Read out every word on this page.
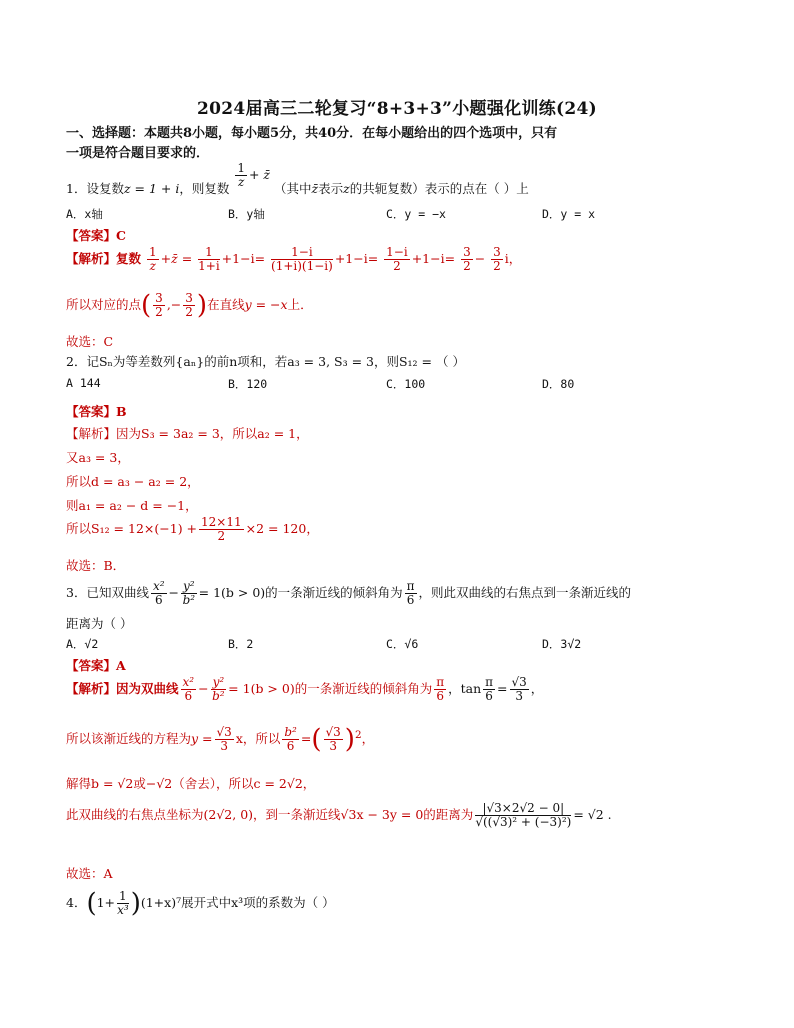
2024届高三二轮复习“8+3+3”小题强化训练(24)
一、选择题：本题共8小题，每小题5分，共40分．在每小题给出的四个选项中，只有
一项是符合题目要求的．
1．设复数z = 1 + i，则复数 $\frac{1}{z}$ + z̄ （其中z̄表示z的共轭复数）表示的点在（ ）上
A．x轴	B．y轴	C．y = −x	D．y = x
【答案】C
【解析】复数 $\frac{1}{z}$ +z̄ = $\frac{1}{1+i} +1-i= \frac{1-i}{(1+i)(1-i)} +1-i= \frac{1-i}{2} +1-i= \frac{3}{2} - \frac{3}{2}$ i，
所以对应的点( $\frac{3}{2}$ ,− $\frac{3}{2}$ )在直线y = −x上．
故选：C
2．记Sₙ为等差数列{aₙ}的前n项和，若a₃ = 3, S₃ = 3，则S₁₂ = （ ）
A 144	B．120	C．100	D．80
【答案】B
【解析】因为S₃ = 3a₂ = 3，所以a₂ = 1，
又a₃ = 3，
所以d = a₃ − a₂ = 2，
则a₁ = a₂ − d = −1，
所以$S_{12} = 12\times(-1) + \frac{12\times 11}{2} \times 2 = 120$，
故选：B．
3．已知双曲线 $\frac{\text{x²}}{6} - \frac{\text{y²}}{\text{b²}} = 1(b > 0)$的一条渐近线的倾斜角为 $\frac{\pi}{6}$ ，则此双曲线的右焦点到一条渐近线的
距离为（ ）
A．√2	B．2	C．√6	D．3√2
【答案】A
【解析】因为双曲线 $\frac{\text{x²}}{6} - \frac{\text{y²}}{\text{b²}} = 1(b > 0)$的一条渐近线的倾斜角为 $\frac{\pi}{6}$ ，$\tan \frac{\pi}{6} = \frac{√3}{3}$ ，
所以该渐近线的方程为$y = \frac{√3}{3}$ x，所以 $\frac{\text{b²}}{6}$ =( $\frac{√3}{3} )^2$，
解得b = √2或−√2（舍去），所以c = 2√2，
此双曲线的右焦点坐标为(2√2, 0)，到一条渐近线√3x − 3y = 0的距离为 $\frac{|√3\times 2√2 - 0|}{\text{√((√3)² + (−3)²)}} = √2$ .
故选：A
4．$(1+ \frac{1}{\text{x³}} )(1+x)^7$展开式中x³项的系数为（ ）
